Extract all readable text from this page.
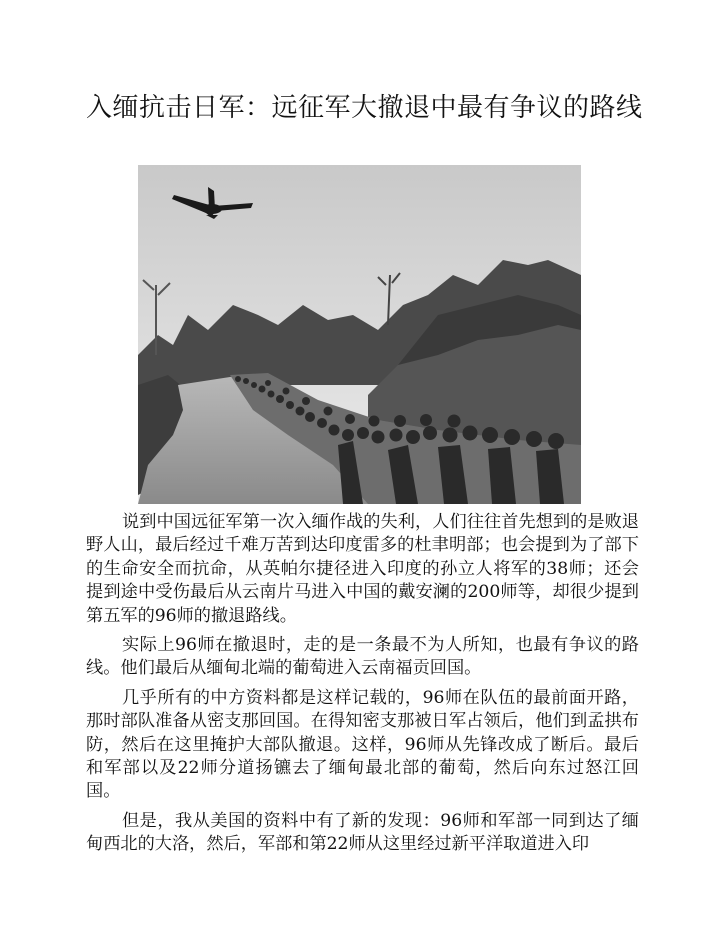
入缅抗击日军：远征军大撤退中最有争议的路线

说到中国远征军第一次入缅作战的失利，人们往往首先想到的是败退野人山，最后经过千难万苦到达印度雷多的杜聿明部；也会提到为了部下的生命安全而抗命，从英帕尔捷径进入印度的孙立人将军的38师；还会提到途中受伤最后从云南片马进入中国的戴安澜的200师等，却很少提到第五军的96师的撤退路线。

实际上96师在撤退时，走的是一条最不为人所知，也最有争议的路线。他们最后从缅甸北端的葡萄进入云南福贡回国。

几乎所有的中方资料都是这样记载的，96师在队伍的最前面开路，那时部队准备从密支那回国。在得知密支那被日军占领后，他们到孟拱布防，然后在这里掩护大部队撤退。这样，96师从先锋改成了断后。最后和军部以及22师分道扬镳去了缅甸最北部的葡萄，然后向东过怒江回国。

但是，我从美国的资料中有了新的发现：96师和军部一同到达了缅甸西北的大洛，然后，军部和第22师从这里经过新平洋取道进入印
